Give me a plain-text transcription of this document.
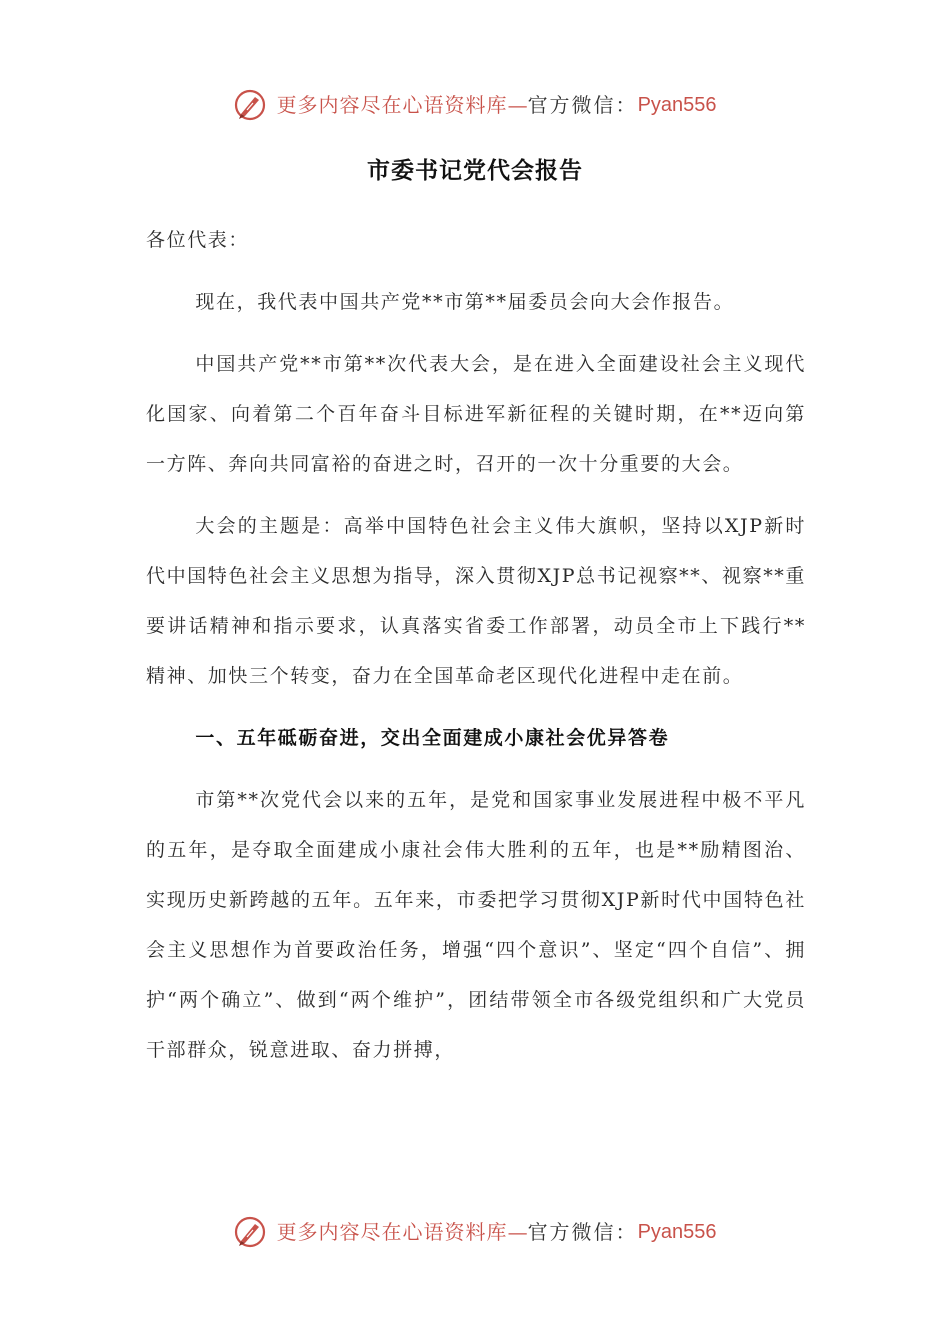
更多内容尽在心语资料库—官方微信：Pyan556
市委书记党代会报告

各位代表：

现在，我代表中国共产党**市第**届委员会向大会作报告。

中国共产党**市第**次代表大会，是在进入全面建设社会主义现代化国家、向着第二个百年奋斗目标进军新征程的关键时期，在**迈向第一方阵、奔向共同富裕的奋进之时，召开的一次十分重要的大会。

大会的主题是：高举中国特色社会主义伟大旗帜，坚持以XJP新时代中国特色社会主义思想为指导，深入贯彻XJP总书记视察**、视察**重要讲话精神和指示要求，认真落实省委工作部署，动员全市上下践行**精神、加快三个转变，奋力在全国革命老区现代化进程中走在前。

一、五年砥砺奋进，交出全面建成小康社会优异答卷

市第**次党代会以来的五年，是党和国家事业发展进程中极不平凡的五年，是夺取全面建成小康社会伟大胜利的五年，也是**励精图治、实现历史新跨越的五年。五年来，市委把学习贯彻XJP新时代中国特色社会主义思想作为首要政治任务，增强“四个意识”、坚定“四个自信”、拥护“两个确立”、做到“两个维护”，团结带领全市各级党组织和广大党员干部群众，锐意进取、奋力拼搏，

更多内容尽在心语资料库—官方微信：Pyan556
